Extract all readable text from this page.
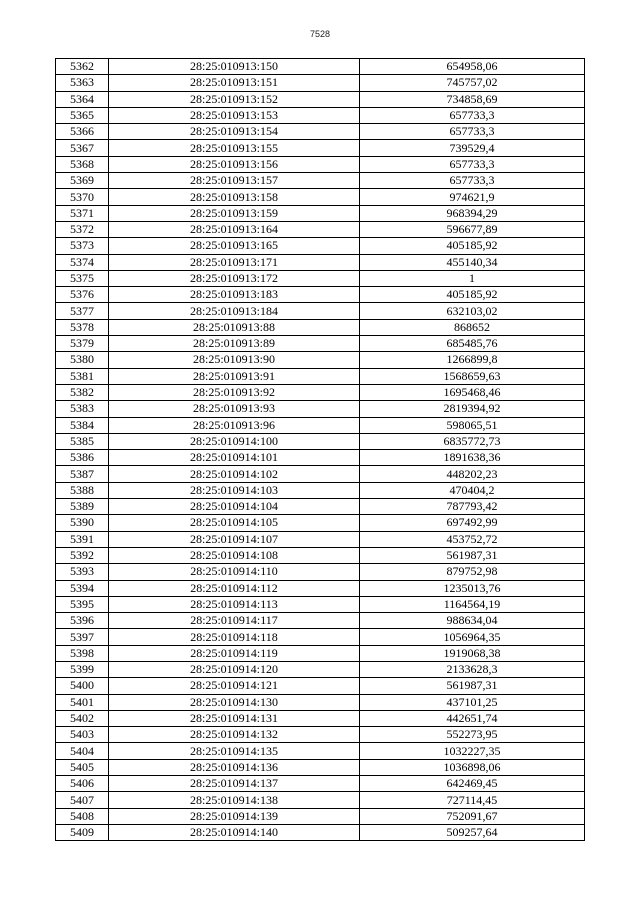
7528
5362	28:25:010913:150	654958,06
5363	28:25:010913:151	745757,02
5364	28:25:010913:152	734858,69
5365	28:25:010913:153	657733,3
5366	28:25:010913:154	657733,3
5367	28:25:010913:155	739529,4
5368	28:25:010913:156	657733,3
5369	28:25:010913:157	657733,3
5370	28:25:010913:158	974621,9
5371	28:25:010913:159	968394,29
5372	28:25:010913:164	596677,89
5373	28:25:010913:165	405185,92
5374	28:25:010913:171	455140,34
5375	28:25:010913:172	1
5376	28:25:010913:183	405185,92
5377	28:25:010913:184	632103,02
5378	28:25:010913:88	868652
5379	28:25:010913:89	685485,76
5380	28:25:010913:90	1266899,8
5381	28:25:010913:91	1568659,63
5382	28:25:010913:92	1695468,46
5383	28:25:010913:93	2819394,92
5384	28:25:010913:96	598065,51
5385	28:25:010914:100	6835772,73
5386	28:25:010914:101	1891638,36
5387	28:25:010914:102	448202,23
5388	28:25:010914:103	470404,2
5389	28:25:010914:104	787793,42
5390	28:25:010914:105	697492,99
5391	28:25:010914:107	453752,72
5392	28:25:010914:108	561987,31
5393	28:25:010914:110	879752,98
5394	28:25:010914:112	1235013,76
5395	28:25:010914:113	1164564,19
5396	28:25:010914:117	988634,04
5397	28:25:010914:118	1056964,35
5398	28:25:010914:119	1919068,38
5399	28:25:010914:120	2133628,3
5400	28:25:010914:121	561987,31
5401	28:25:010914:130	437101,25
5402	28:25:010914:131	442651,74
5403	28:25:010914:132	552273,95
5404	28:25:010914:135	1032227,35
5405	28:25:010914:136	1036898,06
5406	28:25:010914:137	642469,45
5407	28:25:010914:138	727114,45
5408	28:25:010914:139	752091,67
5409	28:25:010914:140	509257,64
